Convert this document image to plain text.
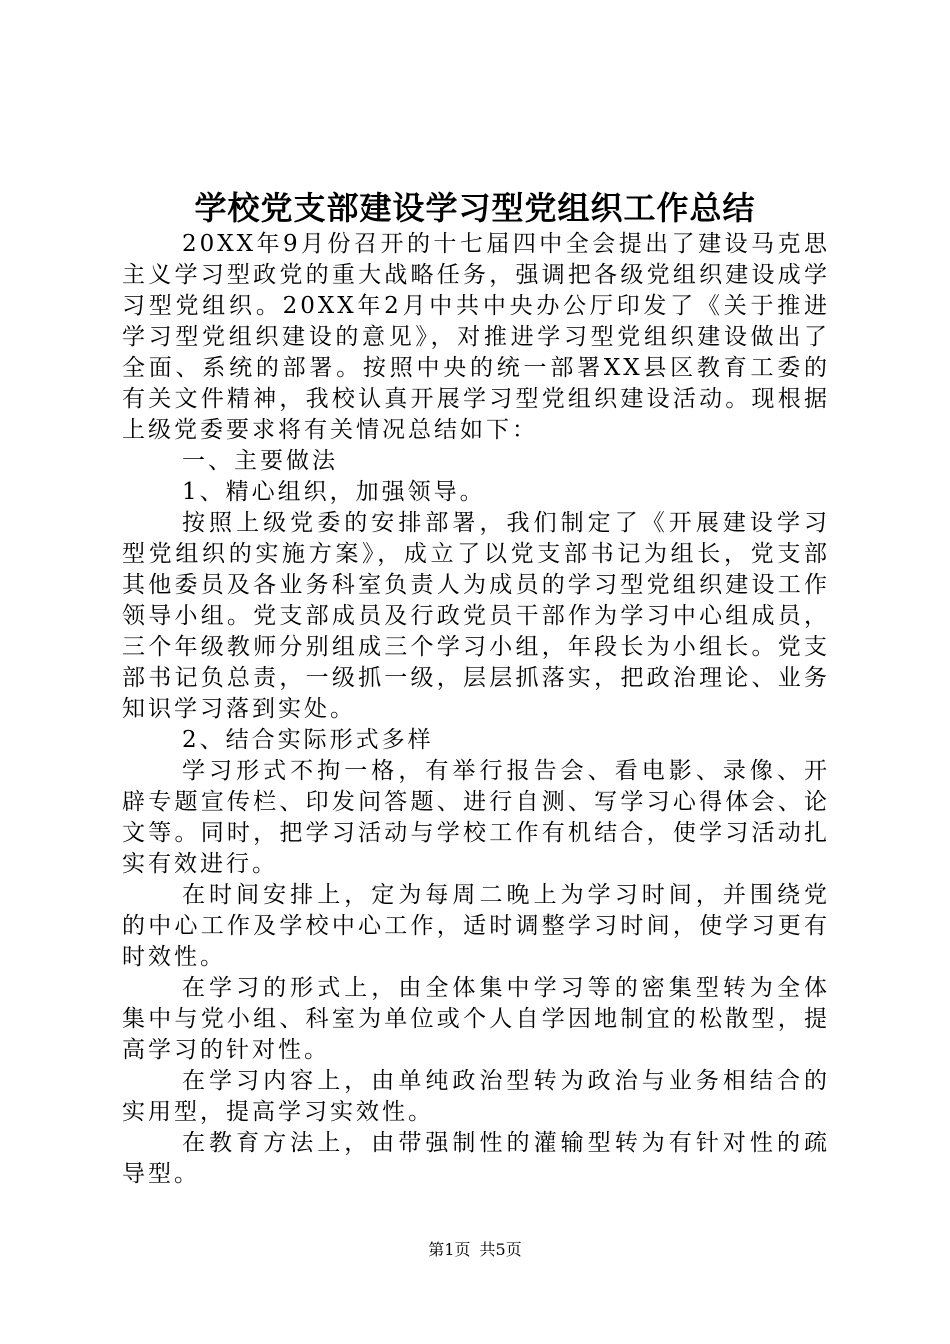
学校党支部建设学习型党组织工作总结

20XX年9月份召开的十七届四中全会提出了建设马克思主义学习型政党的重大战略任务，强调把各级党组织建设成学习型党组织。20XX年2月中共中央办公厅印发了《关于推进学习型党组织建设的意见》，对推进学习型党组织建设做出了全面、系统的部署。按照中央的统一部署XX县区教育工委的有关文件精神，我校认真开展学习型党组织建设活动。现根据上级党委要求将有关情况总结如下：

一、主要做法

1、精心组织，加强领导。

按照上级党委的安排部署，我们制定了《开展建设学习型党组织的实施方案》，成立了以党支部书记为组长，党支部其他委员及各业务科室负责人为成员的学习型党组织建设工作领导小组。党支部成员及行政党员干部作为学习中心组成员，三个年级教师分别组成三个学习小组，年段长为小组长。党支部书记负总责，一级抓一级，层层抓落实，把政治理论、业务知识学习落到实处。

2、结合实际形式多样

学习形式不拘一格，有举行报告会、看电影、录像、开辟专题宣传栏、印发问答题、进行自测、写学习心得体会、论文等。同时，把学习活动与学校工作有机结合，使学习活动扎实有效进行。

在时间安排上，定为每周二晚上为学习时间，并围绕党的中心工作及学校中心工作，适时调整学习时间，使学习更有时效性。

在学习的形式上，由全体集中学习等的密集型转为全体集中与党小组、科室为单位或个人自学因地制宜的松散型，提高学习的针对性。

在学习内容上，由单纯政治型转为政治与业务相结合的实用型，提高学习实效性。

在教育方法上，由带强制性的灌输型转为有针对性的疏导型。

第1页 共5页
